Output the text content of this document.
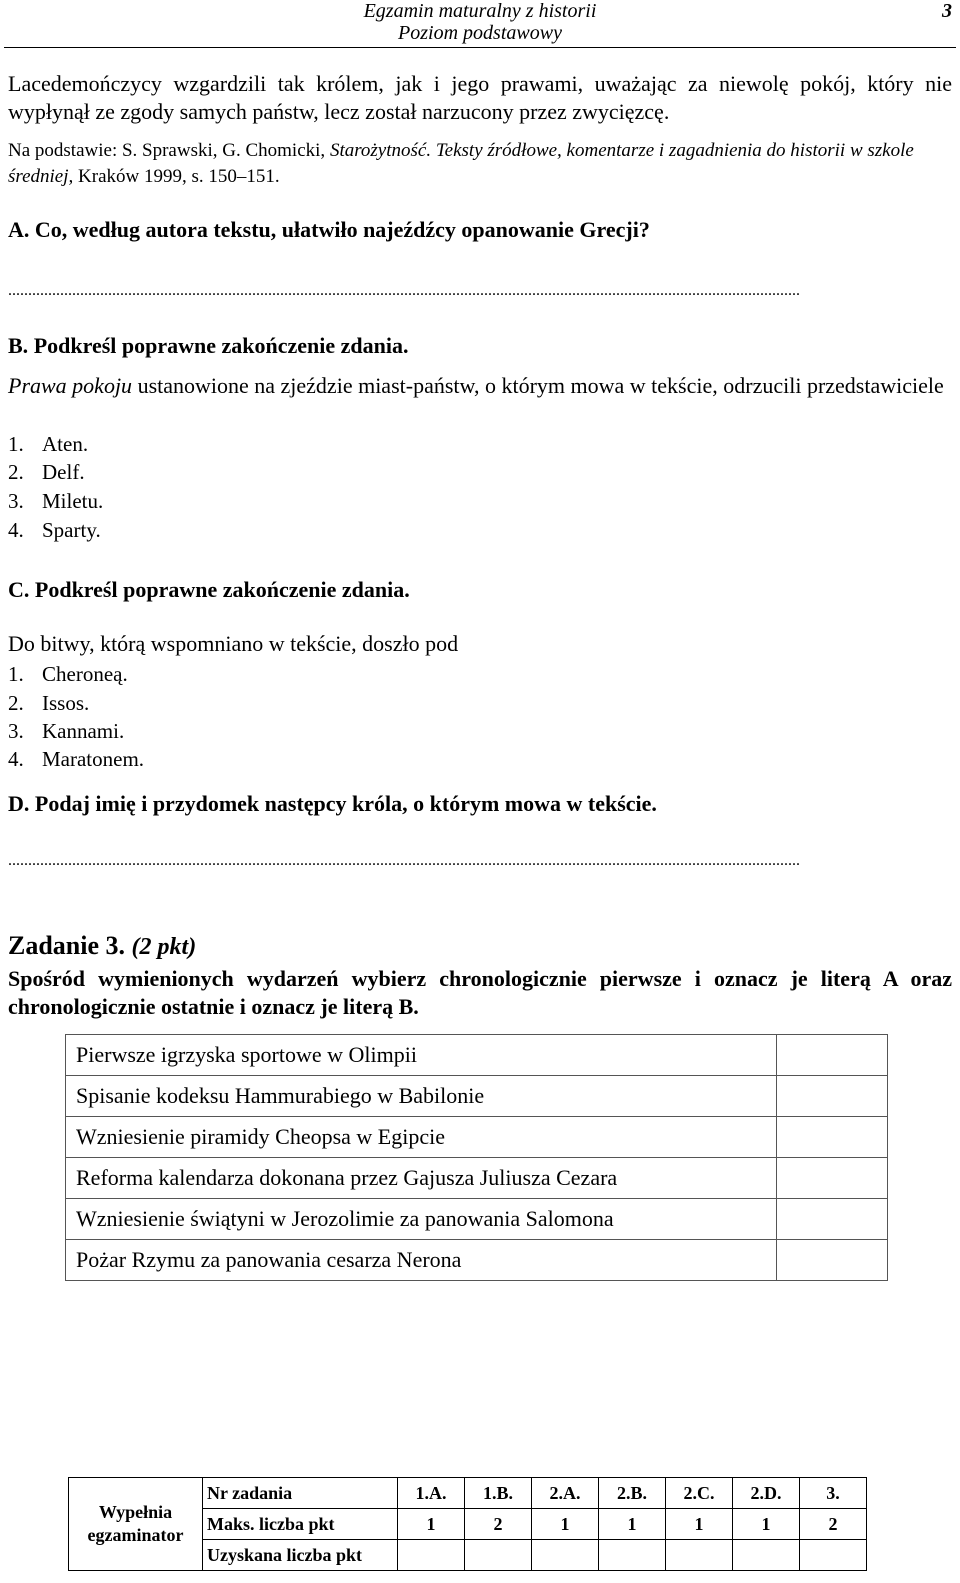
Egzamin maturalny z historii
Poziom podstawowy
3
Lacedemończycy wzgardzili tak królem, jak i jego prawami, uważając za niewolę pokój, który nie wypłynął ze zgody samych państw, lecz został narzucony przez zwycięzcę.
Na podstawie: S. Sprawski, G. Chomicki, Starożytność. Teksty źródłowe, komentarze i zagadnienia do historii w szkole średniej, Kraków 1999, s. 150–151.
A. Co, według autora tekstu, ułatwiło najeźdźcy opanowanie Grecji?
......................................................................................................................................................................................................
B. Podkreśl poprawne zakończenie zdania.
Prawa pokoju ustanowione na zjeździe miast-państw, o którym mowa w tekście, odrzucili przedstawiciele
1. Aten.
2. Delf.
3. Miletu.
4. Sparty.
C. Podkreśl poprawne zakończenie zdania.
Do bitwy, którą wspomniano w tekście, doszło pod
1. Cheroneą.
2. Issos.
3. Kannami.
4. Maratonem.
D. Podaj imię i przydomek następcy króla, o którym mowa w tekście.
......................................................................................................................................................................................................
Zadanie 3. (2 pkt)
Spośród wymienionych wydarzeń wybierz chronologicznie pierwsze i oznacz je literą A oraz chronologicznie ostatnie i oznacz je literą B.
Pierwsze igrzyska sportowe w Olimpii	
Spisanie kodeksu Hammurabiego w Babilonie	
Wzniesienie piramidy Cheopsa w Egipcie	
Reforma kalendarza dokonana przez Gajusza Juliusza Cezara	
Wzniesienie świątyni w Jerozolimie za panowania Salomona	
Pożar Rzymu za panowania cesarza Nerona	
Wypełnia egzaminator	Nr zadania	1.A.	1.B.	2.A.	2.B.	2.C.	2.D.	3.
	Maks. liczba pkt	1	2	1	1	1	1	2
	Uzyskana liczba pkt							
